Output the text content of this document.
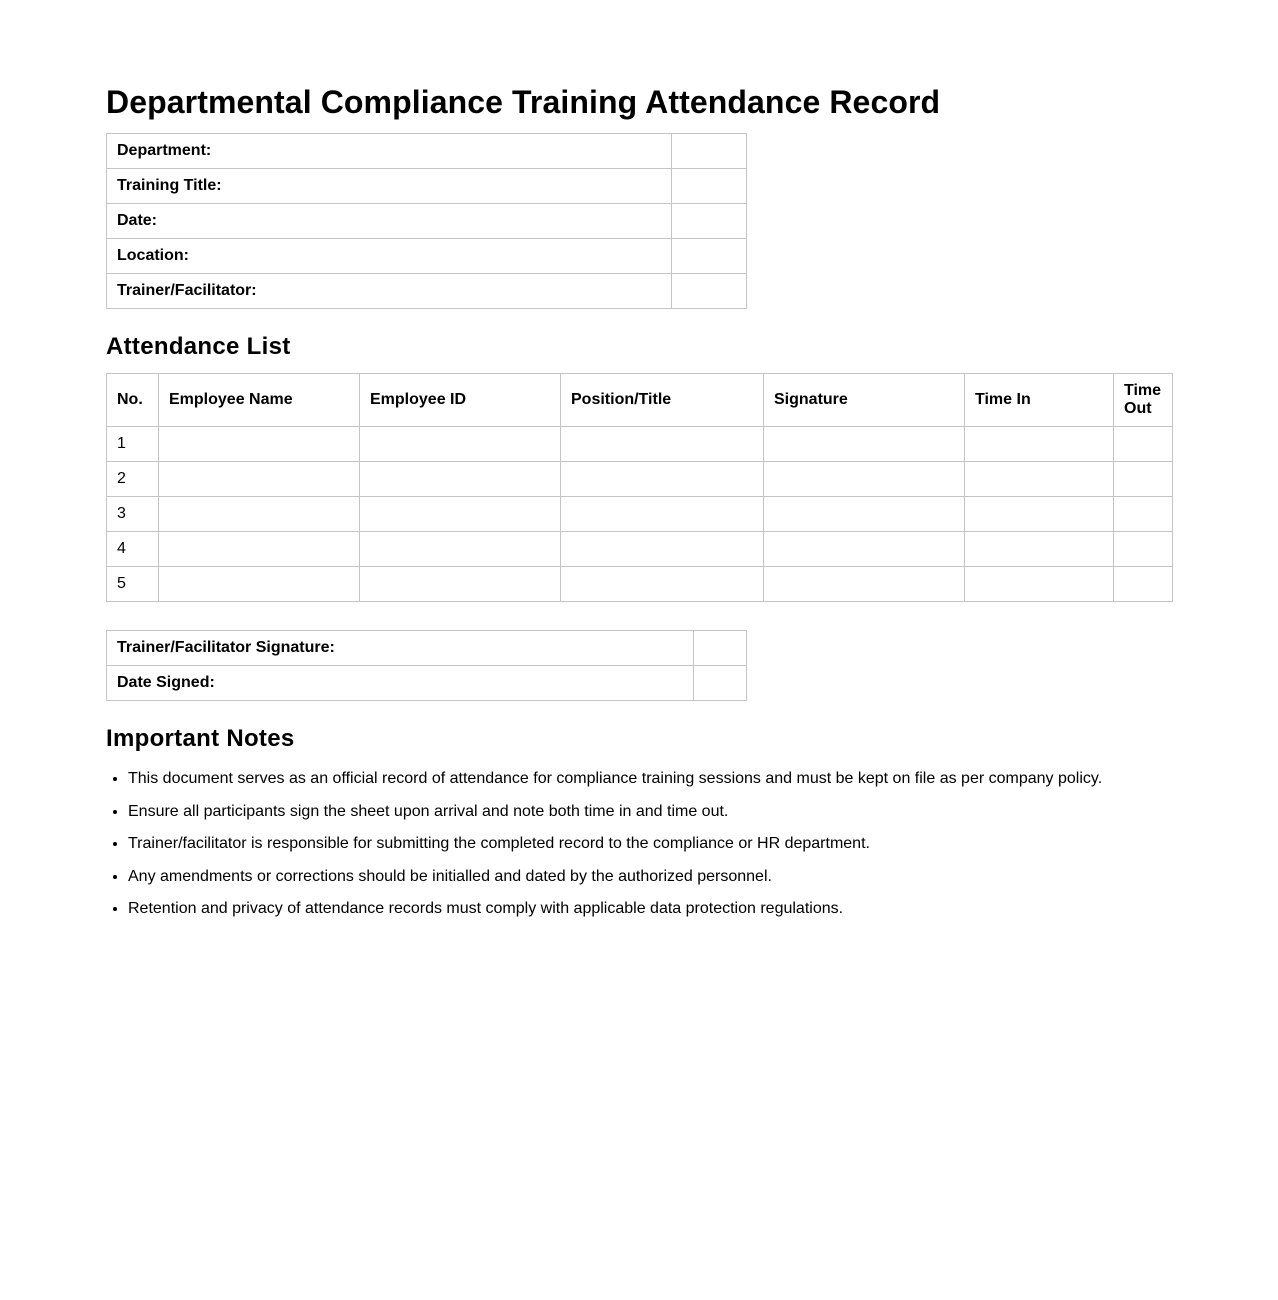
Departmental Compliance Training Attendance Record
Department:	
Training Title:	
Date:	
Location:	
Trainer/Facilitator:	
Attendance List
No.	Employee Name	Employee ID	Position/Title	Signature	Time In	Time Out
1						
2						
3						
4						
5						
Trainer/Facilitator Signature:	
Date Signed:	
Important Notes
• This document serves as an official record of attendance for compliance training sessions and must be kept on file as per company policy.
• Ensure all participants sign the sheet upon arrival and note both time in and time out.
• Trainer/facilitator is responsible for submitting the completed record to the compliance or HR department.
• Any amendments or corrections should be initialled and dated by the authorized personnel.
• Retention and privacy of attendance records must comply with applicable data protection regulations.
